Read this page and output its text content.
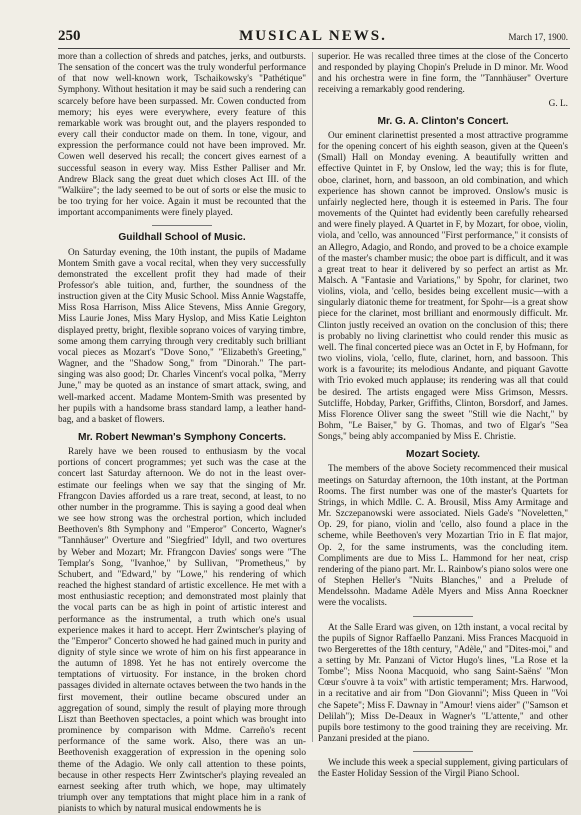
250	MUSICAL NEWS.	March 17, 1900.

more than a collection of shreds and patches, jerks, and outbursts. The sensation of the concert was the truly wonderful performance of that now well-known work, Tschaikowsky's "Pathétique" Symphony. Without hesitation it may be said such a rendering can scarcely before have been surpassed. Mr. Cowen conducted from memory; his eyes were everywhere, every feature of this remarkable work was brought out, and the players responded to every call their conductor made on them. In tone, vigour, and expression the performance could not have been improved. Mr. Cowen well deserved his recall; the concert gives earnest of a successful season in every way. Miss Esther Palliser and Mr. Andrew Black sang the great duet which closes Act III. of the "Walküre"; the lady seemed to be out of sorts or else the music to be too trying for her voice. Again it must be recounted that the important accompaniments were finely played.

Guildhall School of Music.

On Saturday evening, the 10th instant, the pupils of Madame Montem Smith gave a vocal recital, when they very successfully demonstrated the excellent profit they had made of their Professor's able tuition, and, further, the soundness of the instruction given at the City Music School. Miss Annie Wagstaffe, Miss Rosa Harrison, Miss Alice Stevens, Miss Annie Gregory, Miss Laurie Jones, Miss Mary Hyslop, and Miss Katie Leighton displayed pretty, bright, flexible soprano voices of varying timbre, some among them carrying through very creditably such brilliant vocal pieces as Mozart's "Dove Sono," "Elizabeth's Greeting," Wagner, and the "Shadow Song," from "Dinorah." The part-singing was also good; Dr. Charles Vincent's vocal polka, "Merry June," may be quoted as an instance of smart attack, swing, and well-marked accent. Madame Montem-Smith was presented by her pupils with a handsome brass standard lamp, a leather hand-bag, and a basket of flowers.

Mr. Robert Newman's Symphony Concerts.

Rarely have we been roused to enthusiasm by the vocal portions of concert programmes; yet such was the case at the concert last Saturday afternoon. We do not in the least over-estimate our feelings when we say that the singing of Mr. Ffrangcon Davies afforded us a rare treat, second, at least, to no other number in the programme. This is saying a good deal when we see how strong was the orchestral portion, which included Beethoven's 8th Symphony and "Emperor" Concerto, Wagner's "Tannhäuser" Overture and "Siegfried" Idyll, and two overtures by Weber and Mozart; Mr. Ffrangcon Davies' songs were "The Templar's Song, "Ivanhoe," by Sullivan, "Prometheus," by Schubert, and "Edward," by "Lowe," his rendering of which reached the highest standard of artistic excellence. He met with a most enthusiastic reception; and demonstrated most plainly that the vocal parts can be as high in point of artistic interest and performance as the instrumental, a truth which one's usual experience makes it hard to accept. Herr Zwintscher's playing of the "Emperor" Concerto showed he had gained much in purity and dignity of style since we wrote of him on his first appearance in the autumn of 1898. Yet he has not entirely overcome the temptations of virtuosity. For instance, in the broken chord passages divided in alternate octaves between the two hands in the first movement, their outline became obscured under an aggregation of sound, simply the result of playing more through Liszt than Beethoven spectacles, a point which was brought into prominence by comparison with Mdme. Carreño's recent performance of the same work. Also, there was an un-Beethovenish exaggeration of expression in the opening solo theme of the Adagio. We only call attention to these points, because in other respects Herr Zwintscher's playing revealed an earnest seeking after truth which, we hope, may ultimately triumph over any temptations that might place him in a rank of pianists to which by natural musical endowments he is

superior. He was recalled three times at the close of the Concerto and responded by playing Chopin's Prelude in D minor. Mr. Wood and his orchestra were in fine form, the "Tannhäuser" Overture receiving a remarkably good rendering.

G. L.
Mr. G. A. Clinton's Concert.

Our eminent clarinettist presented a most attractive programme for the opening concert of his eighth season, given at the Queen's (Small) Hall on Monday evening. A beautifully written and effective Quintet in F, by Onslow, led the way; this is for flute, oboe, clarinet, horn, and bassoon, an old combination, and which experience has shown cannot be improved. Onslow's music is unfairly neglected here, though it is esteemed in Paris. The four movements of the Quintet had evidently been carefully rehearsed and were finely played. A Quartet in F, by Mozart, for oboe, violin, viola, and 'cello, was announced "First performance," it consists of an Allegro, Adagio, and Rondo, and proved to be a choice example of the master's chamber music; the oboe part is difficult, and it was a great treat to hear it delivered by so perfect an artist as Mr. Malsch. A "Fantasie and Variations," by Spohr, for clarinet, two violins, viola, and 'cello, besides being excellent music—with a singularly diatonic theme for treatment, for Spohr—is a great show piece for the clarinet, most brilliant and enormously difficult. Mr. Clinton justly received an ovation on the conclusion of this; there is probably no living clarinettist who could render this music as well. The final concerted piece was an Octet in F, by Hofmann, for two violins, viola, 'cello, flute, clarinet, horn, and bassoon. This work is a favourite; its melodious Andante, and piquant Gavotte with Trio evoked much applause; its rendering was all that could be desired. The artists engaged were Miss Grimson, Messrs. Sutcliffe, Hobday, Parker, Griffiths, Clinton, Borsdorf, and James. Miss Florence Oliver sang the sweet "Still wie die Nacht," by Bohm, "Le Baiser," by G. Thomas, and two of Elgar's "Sea Songs," being ably accompanied by Miss E. Christie.

Mozart Society.

The members of the above Society recommenced their musical meetings on Saturday afternoon, the 10th instant, at the Portman Rooms. The first number was one of the master's Quartets for Strings, in which Mdlle. C. A. Brousil, Miss Amy Armitage and Mr. Szczepanowski were associated. Niels Gade's "Noveletten," Op. 29, for piano, violin and 'cello, also found a place in the scheme, while Beethoven's very Mozartian Trio in E flat major, Op. 2, for the same instruments, was the concluding item. Compliments are due to Miss L. Hammond for her neat, crisp rendering of the piano part. Mr. L. Rainbow's piano solos were one of Stephen Heller's "Nuits Blanches," and a Prelude of Mendelssohn. Madame Adèle Myers and Miss Anna Roeckner were the vocalists.

At the Salle Erard was given, on 12th instant, a vocal recital by the pupils of Signor Raffaello Panzani. Miss Frances Macquoid in two Bergerettes of the 18th century, "Adèle," and "Dites-moi," and a setting by Mr. Panzani of Victor Hugo's lines, "La Rose et la Tombe"; Miss Noona Macquoid, who sang Saint-Saëns' "Mon Cœur s'ouvre à ta voix" with artistic temperament; Mrs. Harwood, in a recitative and air from "Don Giovanni"; Miss Queen in "Voi che Sapete"; Miss F. Dawnay in "Amour! viens aider" ("Samson et Delilah"); Miss De-Deaux in Wagner's "L'attente," and other pupils bore testimony to the good training they are receiving. Mr. Panzani presided at the piano.

We include this week a special supplement, giving particulars of the Easter Holiday Session of the Virgil Piano School.
